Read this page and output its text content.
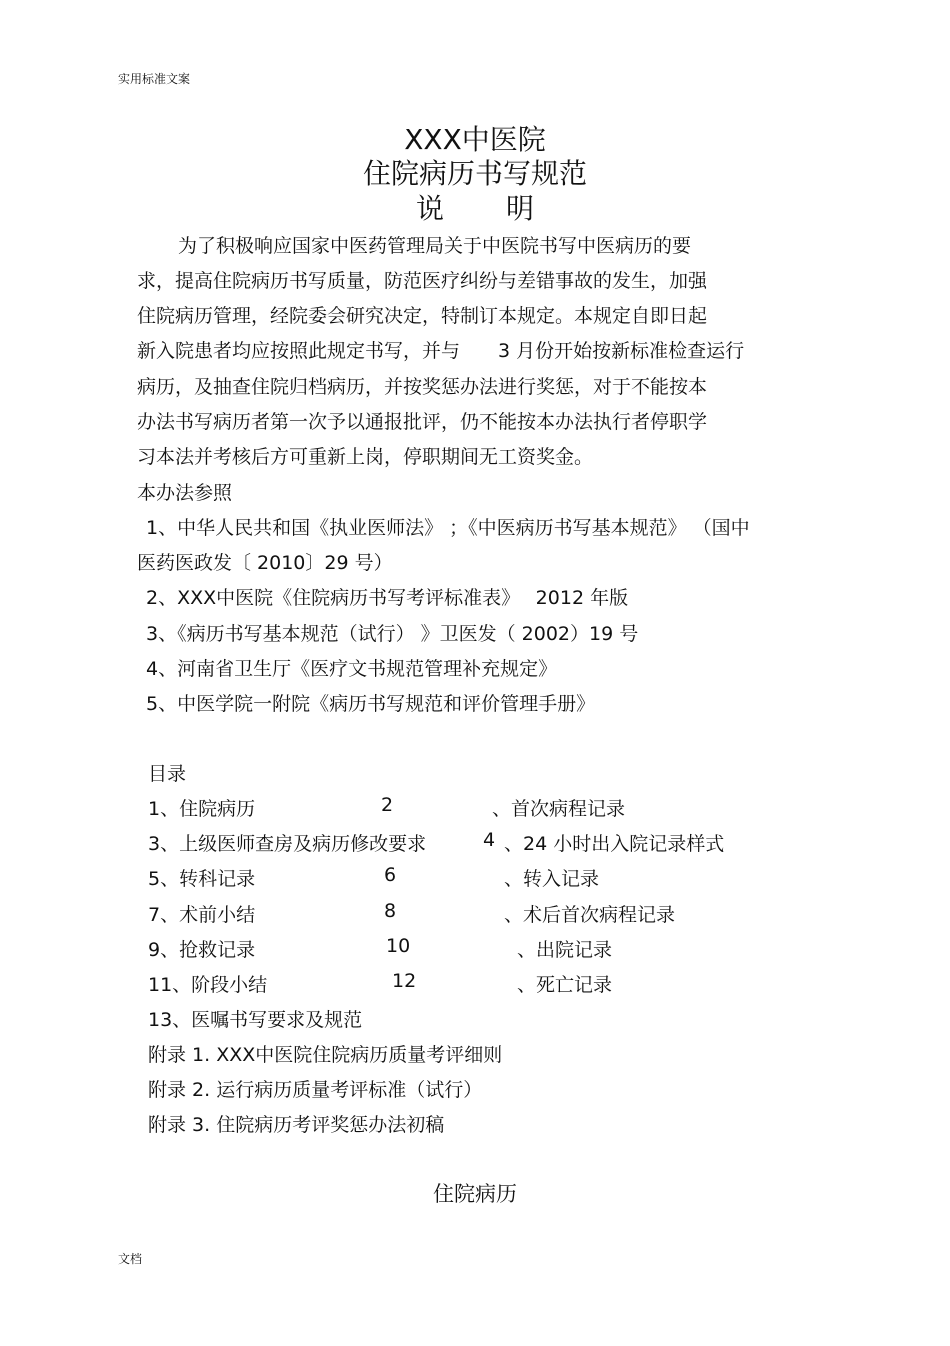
实用标准文案
XXX中医院
住院病历书写规范
说明
为了积极响应国家中医药管理局关于中医院书写中医病历的要
求，提高住院病历书写质量，防范医疗纠纷与差错事故的发生，加强
住院病历管理，经院委会研究决定，特制订本规定。本规定自即日起
新入院患者均应按照此规定书写，并与　　3 月份开始按新标准检查运行
病历，及抽查住院归档病历，并按奖惩办法进行奖惩，对于不能按本
办法书写病历者第一次予以通报批评，仍不能按本办法执行者停职学
习本法并考核后方可重新上岗，停职期间无工资奖金。
本办法参照
1、中华人民共和国《执业医师法》 ；《中医病历书写基本规范》 （国中
医药医政发〔 2010〕29 号）
2、XXX中医院《住院病历书写考评标准表》　 2012 年版
3、《病历书写基本规范（试行） 》卫医发（ 2002）19 号
4、河南省卫生厅《医疗文书规范管理补充规定》
5、中医学院一附院《病历书写规范和评价管理手册》
目录
1、住院病历	2	、首次病程记录
3、上级医师查房及病历修改要求	4 、24 小时出入院记录样式
5、转科记录	6	、转入记录
7、术前小结	8	、术后首次病程记录
9、抢救记录	10	、出院记录
11、阶段小结	12	、死亡记录
13、医嘱书写要求及规范
附录 1. XXX中医院住院病历质量考评细则
附录 2. 运行病历质量考评标准（试行）
附录 3. 住院病历考评奖惩办法初稿
住院病历
文档
